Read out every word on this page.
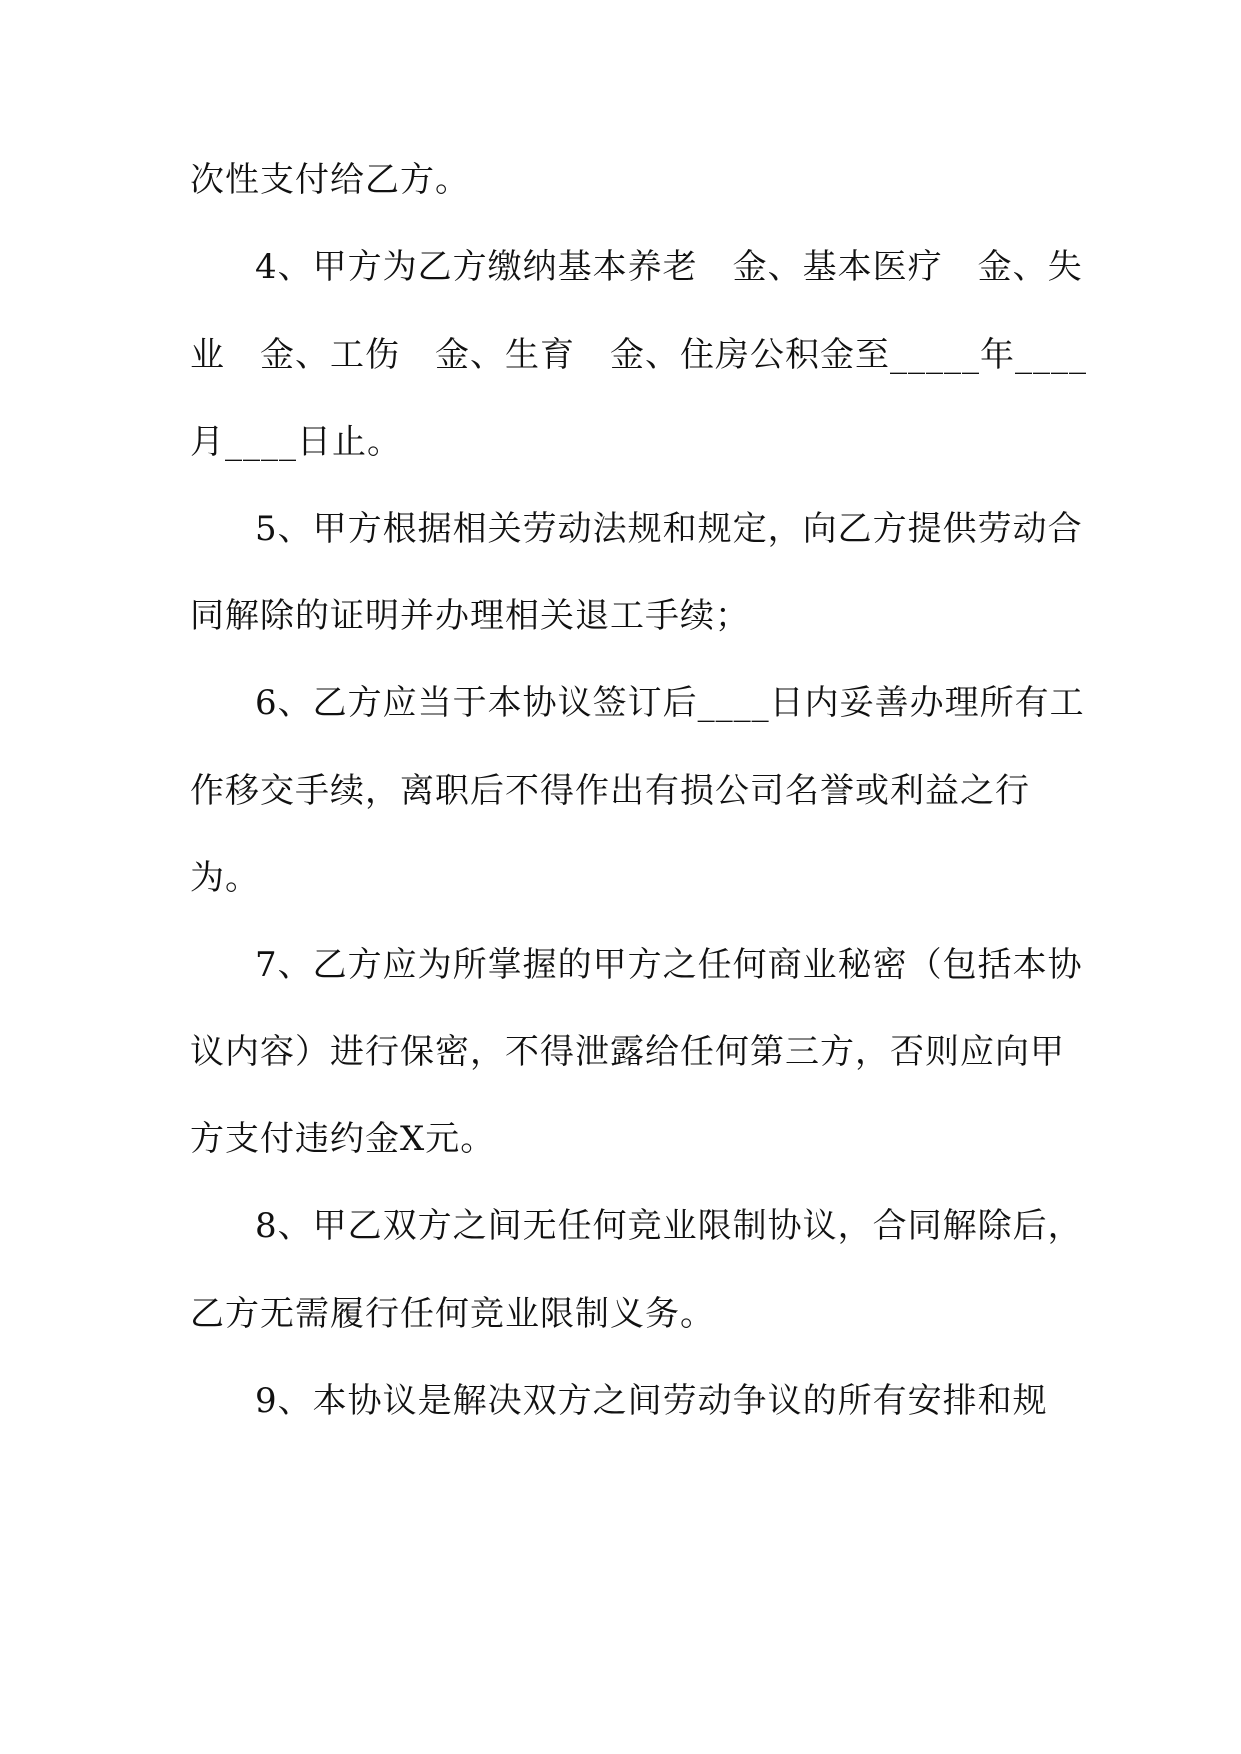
次性支付给乙方。
4、甲方为乙方缴纳基本养老　金、基本医疗　金、失
业　金、工伤　金、生育　金、住房公积金至_____年____
月____日止。
5、甲方根据相关劳动法规和规定，向乙方提供劳动合
同解除的证明并办理相关退工手续；
6、乙方应当于本协议签订后____日内妥善办理所有工
作移交手续，离职后不得作出有损公司名誉或利益之行
为。
7、乙方应为所掌握的甲方之任何商业秘密（包括本协
议内容）进行保密，不得泄露给任何第三方，否则应向甲
方支付违约金X元。
8、甲乙双方之间无任何竞业限制协议，合同解除后，
乙方无需履行任何竞业限制义务。
9、本协议是解决双方之间劳动争议的所有安排和规
